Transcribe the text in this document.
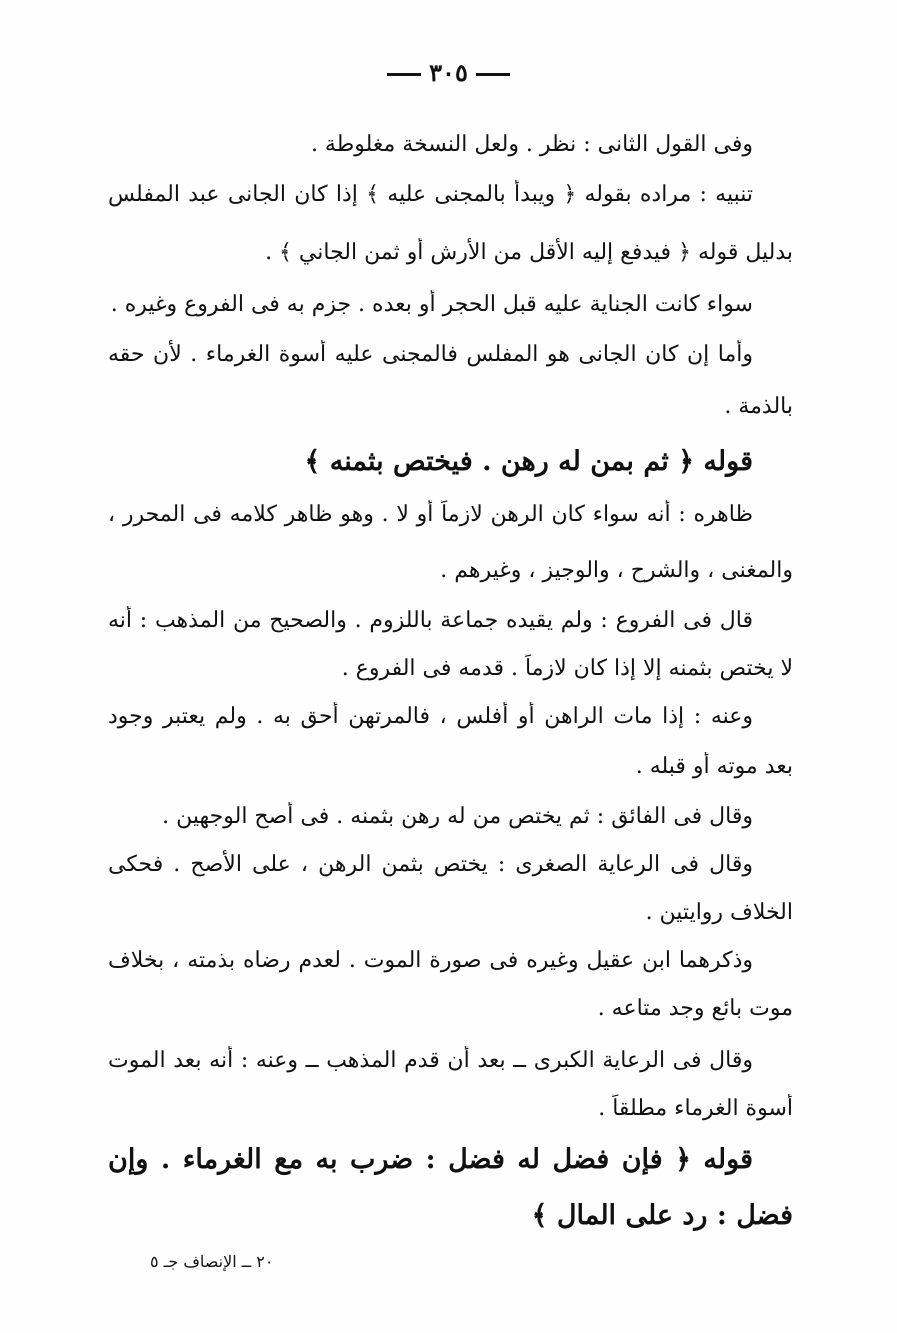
٣٠٥
وفى القول الثانى : نظر . ولعل النسخة مغلوطة .
تنبيه : مراده بقوله ﴿ ويبدأ بالمجنى عليه ﴾ إذا كان الجانى عبد المفلس
بدليل قوله ﴿ فيدفع إليه الأقل من الأرش أو ثمن الجاني ﴾ .
سواء كانت الجناية عليه قبل الحجر أو بعده . جزم به فى الفروع وغيره .
وأما إن كان الجانى هو المفلس فالمجنى عليه أسوة الغرماء . لأن حقه
بالذمة .
قوله ﴿ ثم بمن له رهن . فيختص بثمنه ﴾
ظاهره : أنه سواء كان الرهن لازماً أو لا . وهو ظاهر كلامه فى المحرر ،
والمغنى ، والشرح ، والوجيز ، وغيرهم .
قال فى الفروع : ولم يقيده جماعة باللزوم . والصحيح من المذهب : أنه
لا يختص بثمنه إلا إذا كان لازماً . قدمه فى الفروع .
وعنه : إذا مات الراهن أو أفلس ، فالمرتهن أحق به . ولم يعتبر وجود
بعد موته أو قبله .
وقال فى الفائق : ثم يختص من له رهن بثمنه . فى أصح الوجهين .
وقال فى الرعاية الصغرى : يختص بثمن الرهن ، على الأصح . فحكى
الخلاف روايتين .
وذكرهما ابن عقيل وغيره فى صورة الموت . لعدم رضاه بذمته ، بخلاف
موت بائع وجد متاعه .
وقال فى الرعاية الكبرى ــ بعد أن قدم المذهب ــ وعنه : أنه بعد الموت
أسوة الغرماء مطلقاً .
قوله ﴿ فإن فضل له فضل : ضرب به مع الغرماء . وإن
فضل : رد على المال ﴾
٢٠ ــ الإنصاف جـ ٥
